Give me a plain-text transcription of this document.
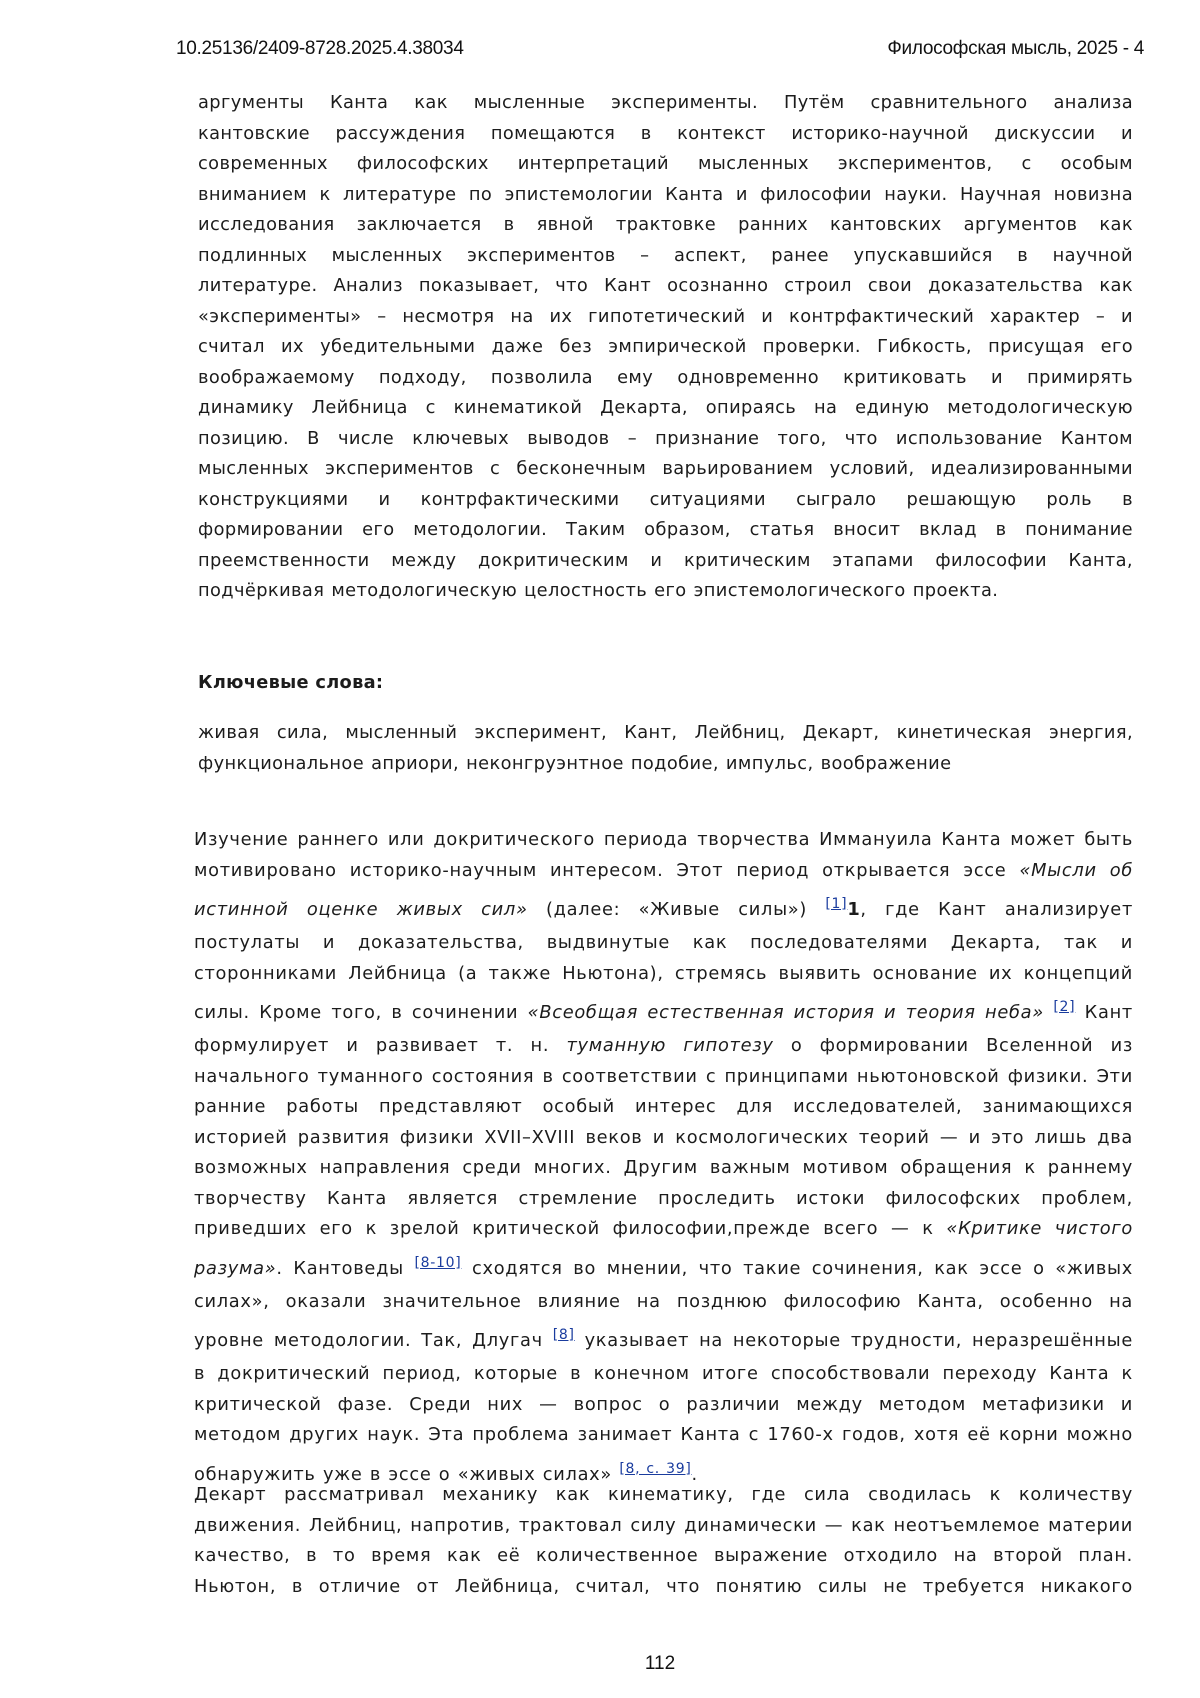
10.25136/2409-8728.2025.4.38034	Философская мысль, 2025 - 4
аргументы Канта как мысленные эксперименты. Путём сравнительного анализа
кантовские рассуждения помещаются в контекст историко-научной дискуссии и
современных философских интерпретаций мысленных экспериментов, с особым
вниманием к литературе по эпистемологии Канта и философии науки. Научная новизна
исследования заключается в явной трактовке ранних кантовских аргументов как
подлинных мысленных экспериментов – аспект, ранее упускавшийся в научной
литературе. Анализ показывает, что Кант осознанно строил свои доказательства как
«эксперименты» – несмотря на их гипотетический и контрфактический характер – и
считал их убедительными даже без эмпирической проверки. Гибкость, присущая его
воображаемому подходу, позволила ему одновременно критиковать и примирять
динамику Лейбница с кинематикой Декарта, опираясь на единую методологическую
позицию. В числе ключевых выводов – признание того, что использование Кантом
мысленных экспериментов с бесконечным варьированием условий, идеализированными
конструкциями и контрфактическими ситуациями сыграло решающую роль в
формировании его методологии. Таким образом, статья вносит вклад в понимание
преемственности между докритическим и критическим этапами философии Канта,
подчёркивая методологическую целостность его эпистемологического проекта.
Ключевые слова:
живая сила, мысленный эксперимент, Кант, Лейбниц, Декарт, кинетическая энергия,
функциональное априори, неконгруэнтное подобие, импульс, воображение
Изучение раннего или докритического периода творчества Иммануила Канта может быть
мотивировано историко-научным интересом. Этот период открывается эссе «Мысли об
истинной оценке живых сил» (далее: «Живые силы») [1]1, где Кант анализирует
постулаты и доказательства, выдвинутые как последователями Декарта, так и
сторонниками Лейбница (а также Ньютона), стремясь выявить основание их концепций
силы. Кроме того, в сочинении «Всеобщая естественная история и теория неба» [2] Кант
формулирует и развивает т. н. туманную гипотезу о формировании Вселенной из
начального туманного состояния в соответствии с принципами ньютоновской физики. Эти
ранние работы представляют особый интерес для исследователей, занимающихся
историей развития физики XVII–XVIII веков и космологических теорий — и это лишь два
возможных направления среди многих. Другим важным мотивом обращения к раннему
творчеству Канта является стремление проследить истоки философских проблем,
приведших его к зрелой критической философии,прежде всего — к «Критике чистого
разума». Кантоведы [8-10] сходятся во мнении, что такие сочинения, как эссе о «живых
силах», оказали значительное влияние на позднюю философию Канта, особенно на
уровне методологии. Так, Длугач [8] указывает на некоторые трудности, неразрешённые
в докритический период, которые в конечном итоге способствовали переходу Канта к
критической фазе. Среди них — вопрос о различии между методом метафизики и
методом других наук. Эта проблема занимает Канта с 1760-х годов, хотя её корни можно
обнаружить уже в эссе о «живых силах» [8, с. 39].
Декарт рассматривал механику как кинематику, где сила сводилась к количеству
движения. Лейбниц, напротив, трактовал силу динамически — как неотъемлемое материи
качество, в то время как её количественное выражение отходило на второй план.
Ньютон, в отличие от Лейбница, считал, что понятию силы не требуется никакого
112
